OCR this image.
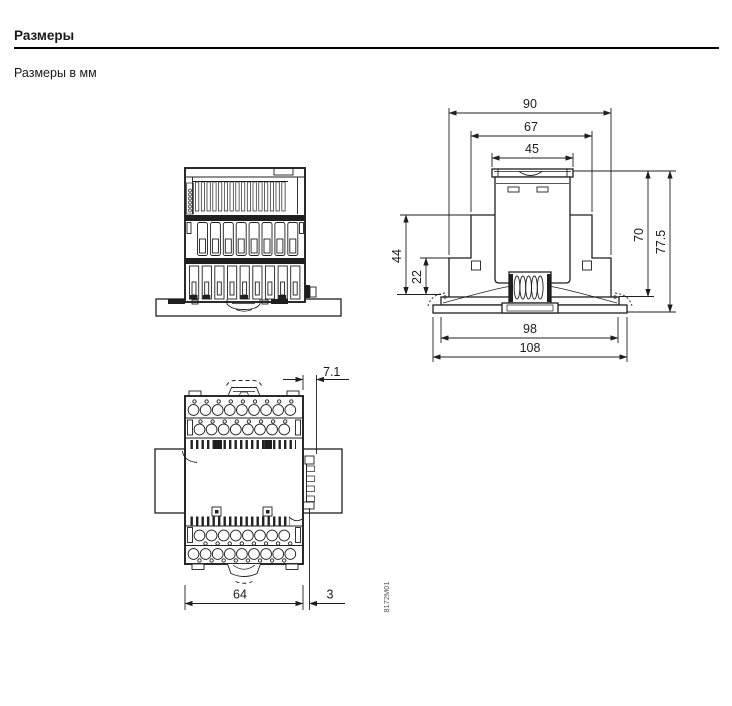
Размеры
Размеры в мм
90
67
45
44
22
70 77.5
98
108
7.1
64	3	8172M01
